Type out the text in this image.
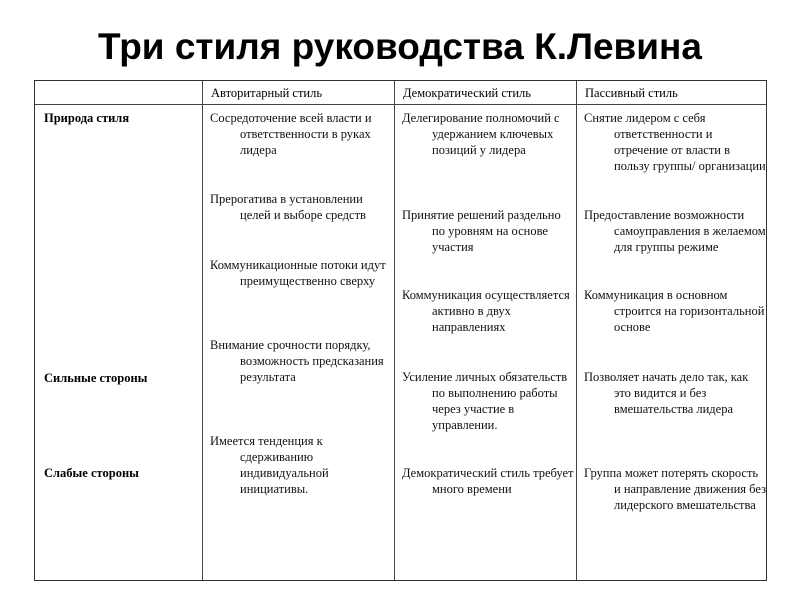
Три стиля руководства К.Левина
Авторитарный стиль	Демократический стиль	Пассивный стиль
Природа стиля
Сильные стороны
Слабые стороны
Сосредоточение всей власти и ответственности в руках лидера
Прерогатива в установлении целей и выборе средств
Коммуникационные потоки идут преимущественно сверху
Внимание срочности порядку, возможность предсказания результата
Имеется тенденция к сдерживанию индивидуальной инициативы.
Делегирование полномочий с удержанием ключевых позиций у лидера
Принятие решений раздельно по уровням на основе участия
Коммуникация осуществляется активно в двух направлениях
Усиление личных обязательств по выполнению работы через участие в управлении.
Демократический стиль требует много времени
Снятие лидером с себя ответственности и отречение от власти в пользу группы/ организации
Предоставление возможности самоуправления в желаемом для группы режиме
Коммуникация в основном строится на горизонтальной основе
Позволяет начать дело так, как это видится и без вмешательства лидера
Группа может потерять скорость и направление движения без лидерского вмешательства
